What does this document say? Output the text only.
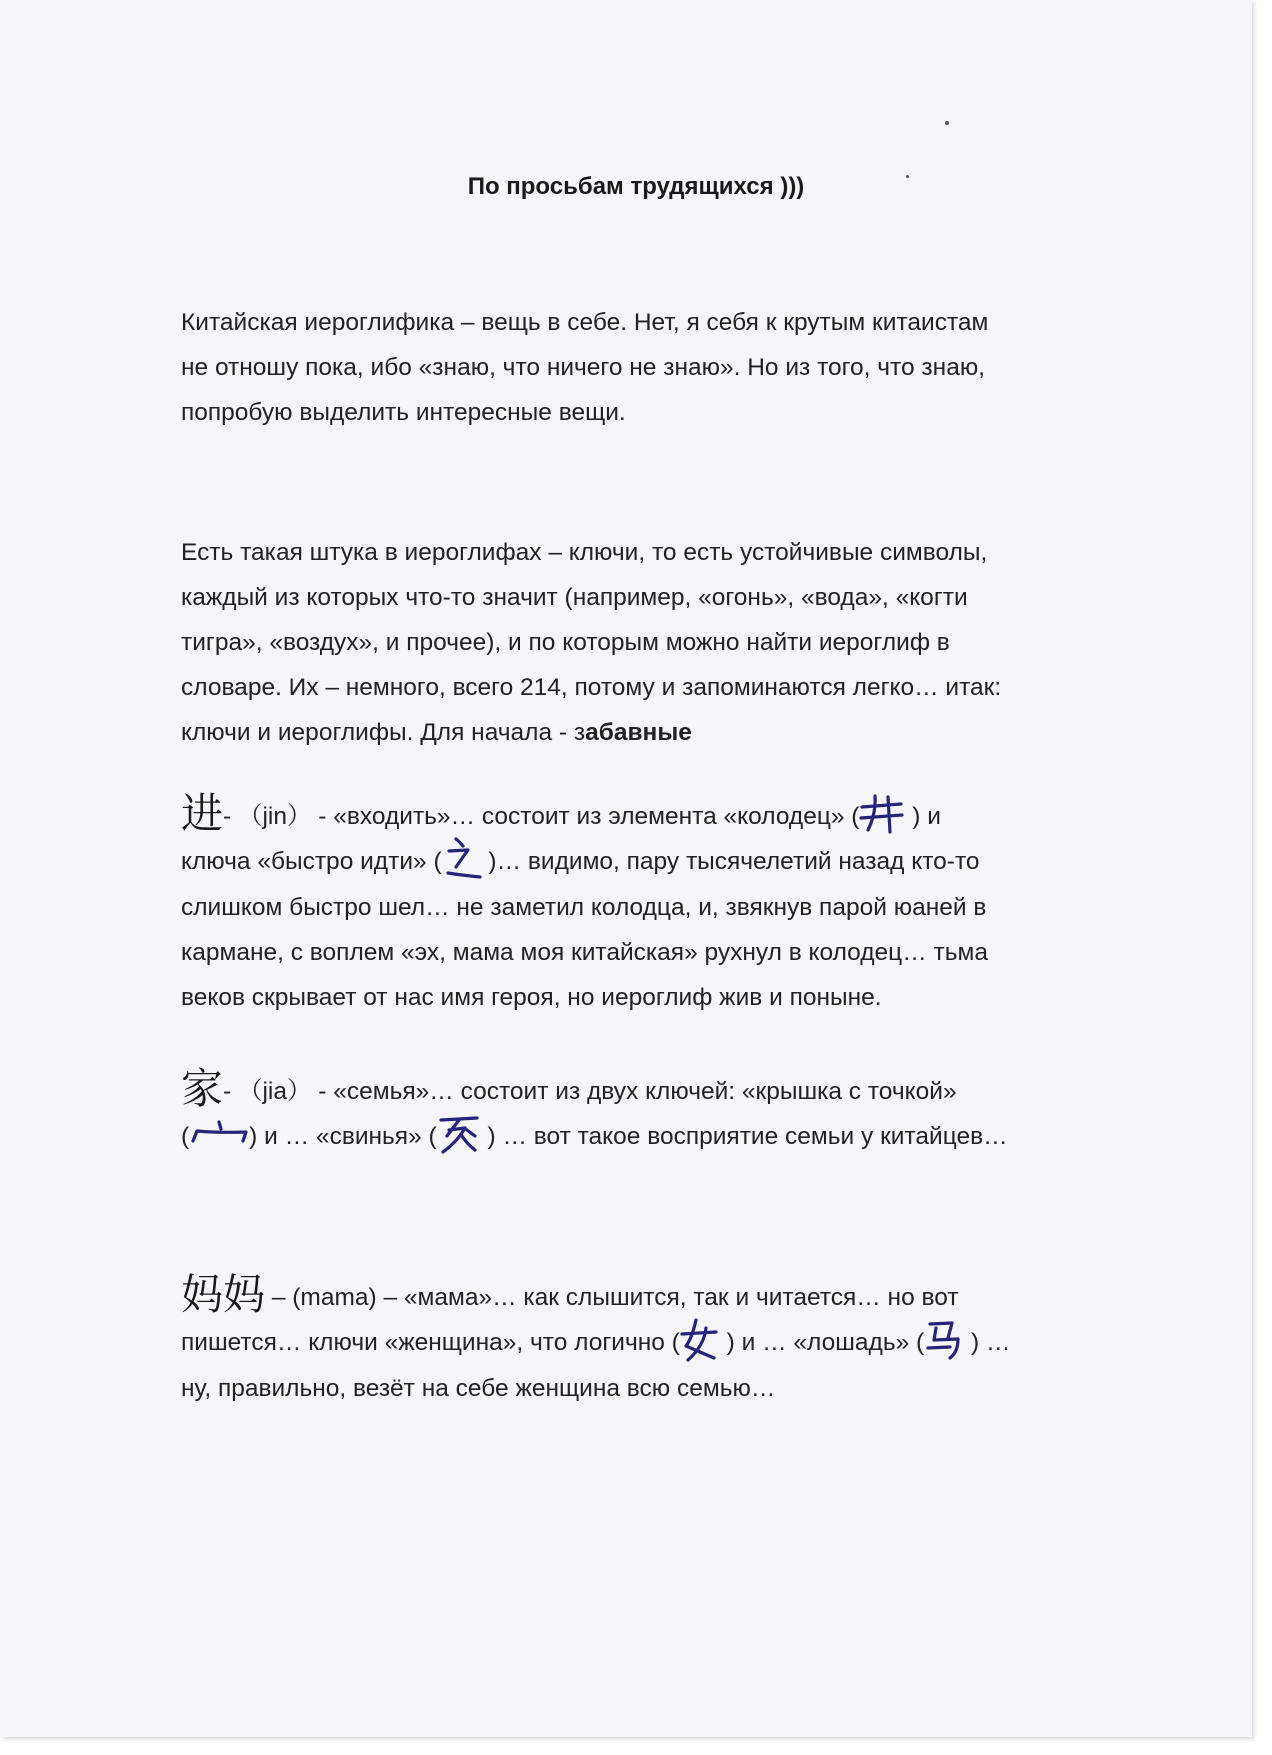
По просьбам трудящихся )))
Китайская иероглифика – вещь в себе. Нет, я себя к крутым китаистам
не отношу пока, ибо «знаю, что ничего не знаю». Но из того, что знаю,
попробую выделить интересные вещи.
Есть такая штука в иероглифах – ключи, то есть устойчивые символы,
каждый из которых что-то значит (например, «огонь», «вода», «когти
тигра», «воздух», и прочее), и по которым можно найти иероглиф в
словаре. Их – немного, всего 214, потому и запоминаются легко… итак:
ключи и иероглифы. Для начала - забавные
进- （jin） - «входить»… состоит из элемента «колодец» (
) и
ключа «быстро идти» (
)… видимо, пару тысячелетий назад кто-то
слишком быстро шел… не заметил колодца, и, звякнув парой юаней в
кармане, с воплем «эх, мама моя китайская» рухнул в колодец… тьма
веков скрывает от нас имя героя, но иероглиф жив и поныне.
家- （jia） - «семья»… состоит из двух ключей: «крышка с точкой»
( ) и … «свинья» (
) … вот такое восприятие семьи у китайцев…
妈妈 – (mama) – «мама»… как слышится, так и читается… но вот
пишется… ключи «женщина», что логично (
) и … «лошадь» (
) …
ну, правильно, везёт на себе женщина всю семью…
